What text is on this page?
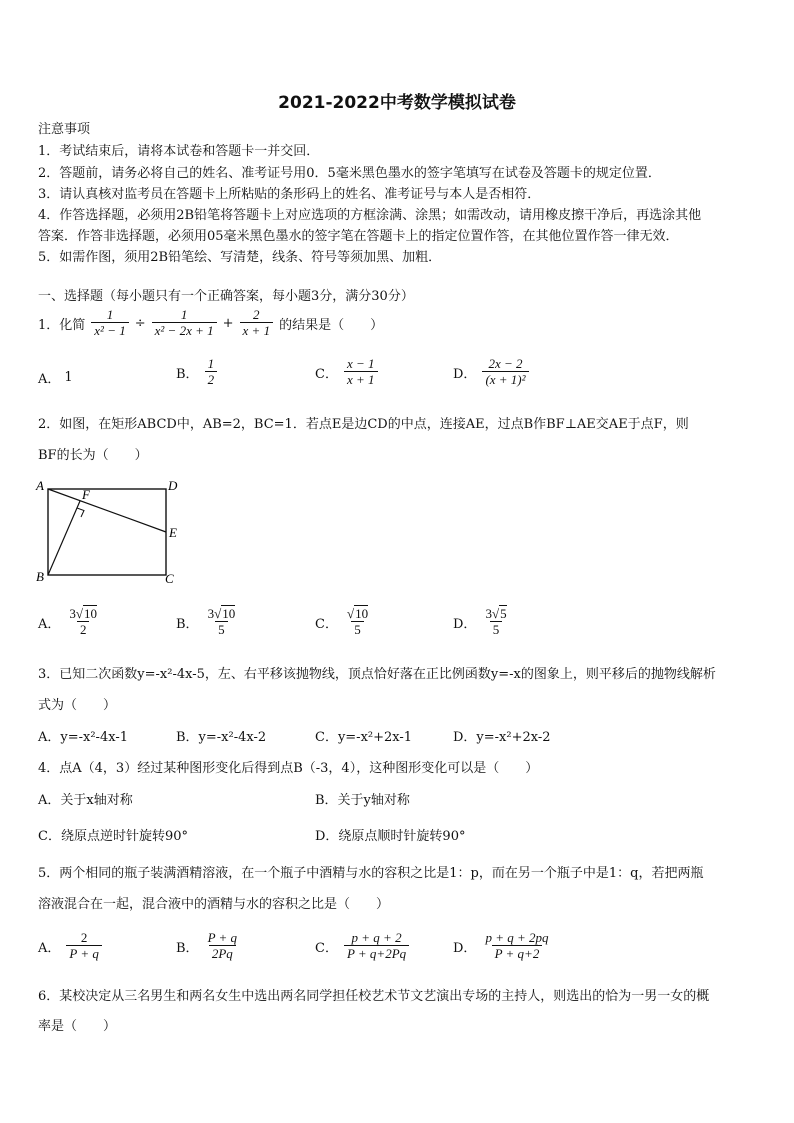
2021-2022中考数学模拟试卷
注意事项
1．考试结束后，请将本试卷和答题卡一并交回．
2．答题前，请务必将自己的姓名、准考证号用0．5毫米黑色墨水的签字笔填写在试卷及答题卡的规定位置．
3．请认真核对监考员在答题卡上所粘贴的条形码上的姓名、准考证号与本人是否相符．
4．作答选择题，必须用2B铅笔将答题卡上对应选项的方框涂满、涂黑；如需改动，请用橡皮擦干净后，再选涂其他
答案．作答非选择题，必须用05毫米黑色墨水的签字笔在答题卡上的指定位置作答，在其他位置作答一律无效．
5．如需作图，须用2B铅笔绘、写清楚，线条、符号等须加黑、加粗．
一、选择题（每小题只有一个正确答案，每小题3分，满分30分）
1．化简 $\frac{1}{\text{x² − 1}} \div \frac{1}{\text{x² − 2x + 1}} + \frac{2}{x + 1}$ 的结果是（　　）
A． 1	B． $\frac{1}{2}$	C． $\frac{x - 1}{x + 1}$	D． $\frac{2x - 2}{\text{(x + 1)²}}$
2．如图，在矩形ABCD中，AB=2，BC=1．若点E是边CD的中点，连接AE，过点B作BF⊥AE交AE于点F，则
BF的长为（　　）
A
B	C
D
E
F
A． $\frac{3√10}{2}$	B． $\frac{3√10}{5}$	C． $\frac{√10}{5}$	D． $\frac{3√5}{5}$
3．已知二次函数y=-x²-4x-5，左、右平移该抛物线，顶点恰好落在正比例函数y=-x的图象上，则平移后的抛物线解析
式为（　　）
A．y=-x²-4x-1	B．y=-x²-4x-2	C．y=-x²+2x-1	D．y=-x²+2x-2
4．点A（4，3）经过某种图形变化后得到点B（-3，4），这种图形变化可以是（　　）
A．关于x轴对称	B．关于y轴对称
C．绕原点逆时针旋转90°	D．绕原点顺时针旋转90°
5．两个相同的瓶子装满酒精溶液，在一个瓶子中酒精与水的容积之比是1：p，而在另一个瓶子中是1：q，若把两瓶
溶液混合在一起，混合液中的酒精与水的容积之比是（　　）
A． $\frac{2}{P + q}$	B． $\frac{P + q}{2Pq}$	C． $\frac{p + q + 2}{P + q+2Pq}$	D． $\frac{p + q + 2pq}{P + q+2}$
6．某校决定从三名男生和两名女生中选出两名同学担任校艺术节文艺演出专场的主持人，则选出的恰为一男一女的概
率是（　　）
